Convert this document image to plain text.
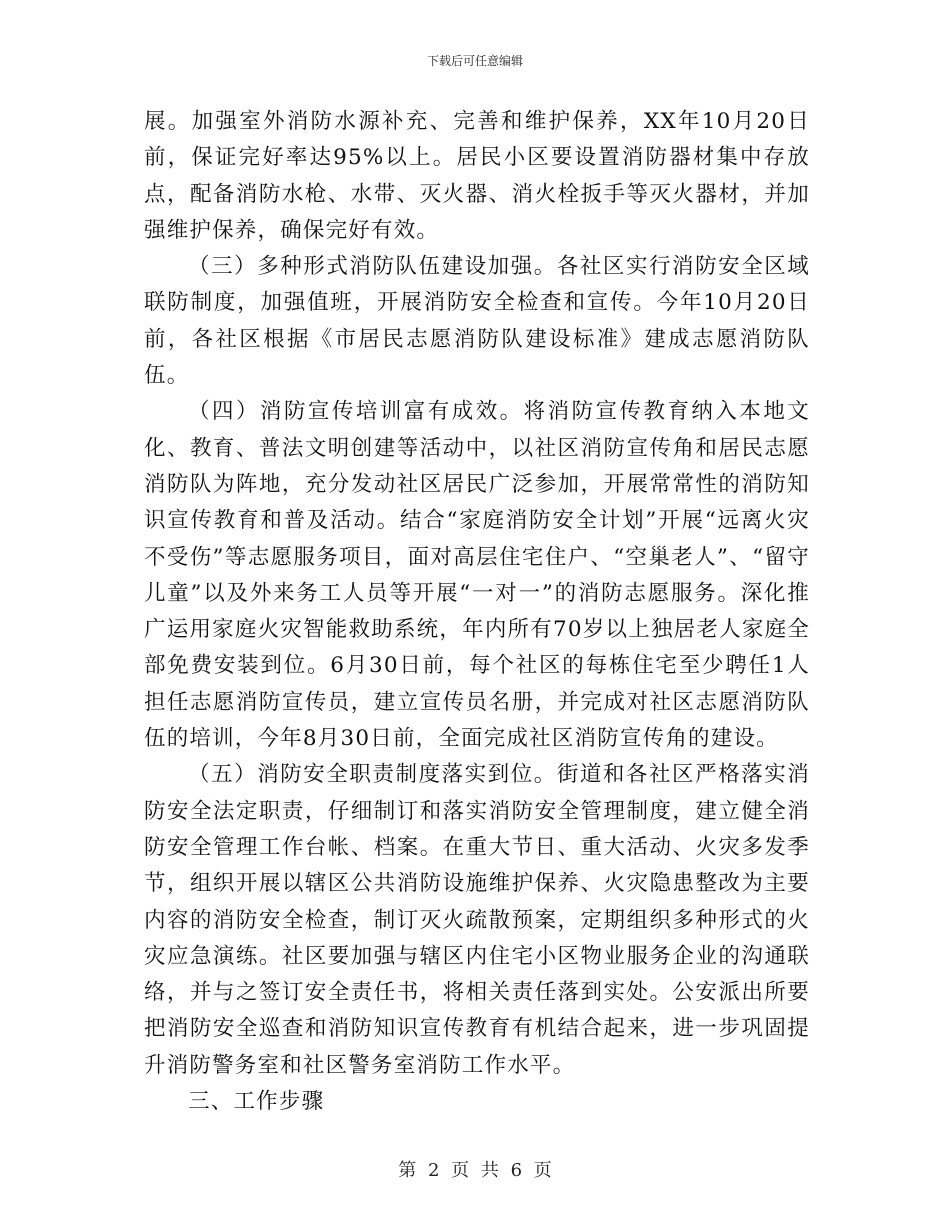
下载后可任意编辑

展。加强室外消防水源补充、完善和维护保养，XX年10月20日前，保证完好率达95%以上。居民小区要设置消防器材集中存放点，配备消防水枪、水带、灭火器、消火栓扳手等灭火器材，并加强维护保养，确保完好有效。

（三）多种形式消防队伍建设加强。各社区实行消防安全区域联防制度，加强值班，开展消防安全检查和宣传。今年10月20日前，各社区根据《市居民志愿消防队建设标准》建成志愿消防队伍。

（四）消防宣传培训富有成效。将消防宣传教育纳入本地文化、教育、普法文明创建等活动中，以社区消防宣传角和居民志愿消防队为阵地，充分发动社区居民广泛参加，开展常常性的消防知识宣传教育和普及活动。结合“家庭消防安全计划”开展“远离火灾不受伤”等志愿服务项目，面对高层住宅住户、“空巢老人”、“留守儿童”以及外来务工人员等开展“一对一”的消防志愿服务。深化推广运用家庭火灾智能救助系统，年内所有70岁以上独居老人家庭全部免费安装到位。6月30日前，每个社区的每栋住宅至少聘任1人担任志愿消防宣传员，建立宣传员名册，并完成对社区志愿消防队伍的培训，今年8月30日前，全面完成社区消防宣传角的建设。

（五）消防安全职责制度落实到位。街道和各社区严格落实消防安全法定职责，仔细制订和落实消防安全管理制度，建立健全消防安全管理工作台帐、档案。在重大节日、重大活动、火灾多发季节，组织开展以辖区公共消防设施维护保养、火灾隐患整改为主要内容的消防安全检查，制订灭火疏散预案，定期组织多种形式的火灾应急演练。社区要加强与辖区内住宅小区物业服务企业的沟通联络，并与之签订安全责任书，将相关责任落到实处。公安派出所要把消防安全巡查和消防知识宣传教育有机结合起来，进一步巩固提升消防警务室和社区警务室消防工作水平。

三、工作步骤

第 2 页 共 6 页
